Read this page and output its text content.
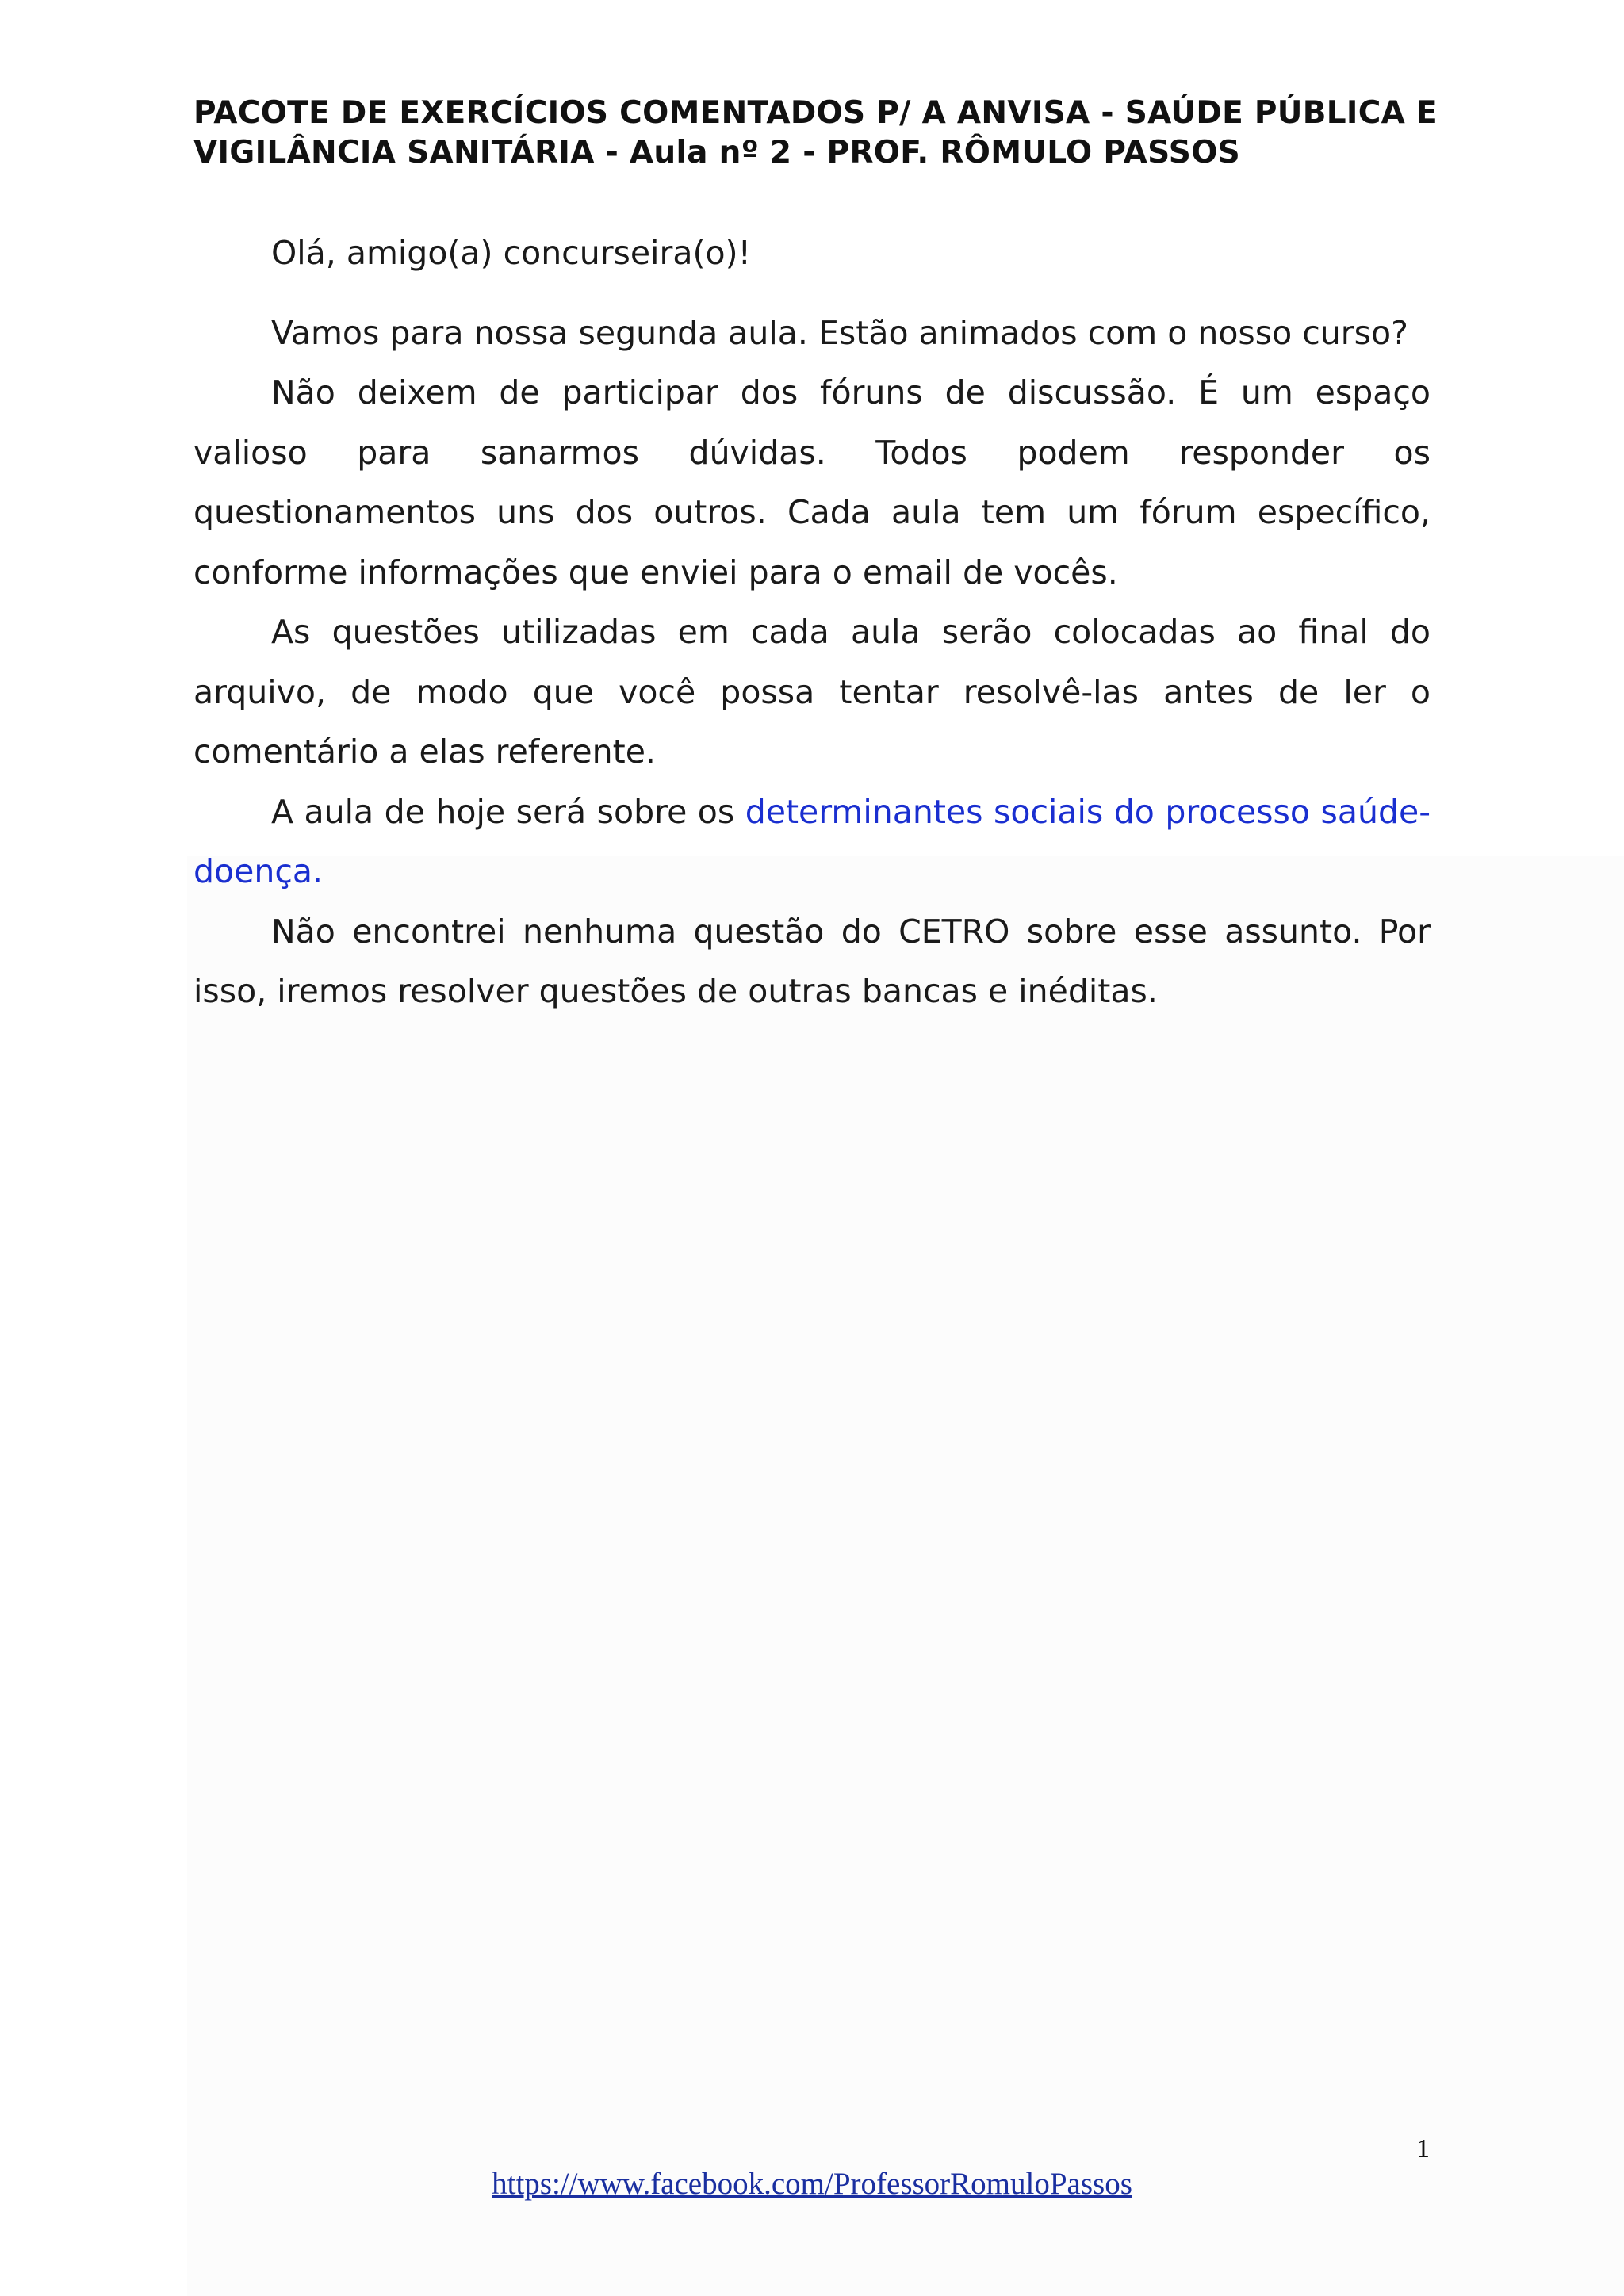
PACOTE DE EXERCÍCIOS COMENTADOS P/ A ANVISA - SAÚDE PÚBLICA E
VIGILÂNCIA SANITÁRIA - Aula nº 2 - PROF. RÔMULO PASSOS

Olá, amigo(a) concurseira(o)!

Vamos para nossa segunda aula. Estão animados com o nosso curso?

Não deixem de participar dos fóruns de discussão. É um espaço valioso para sanarmos dúvidas. Todos podem responder os questionamentos uns dos outros. Cada aula tem um fórum específico, conforme informações que enviei para o email de vocês.

As questões utilizadas em cada aula serão colocadas ao final do arquivo, de modo que você possa tentar resolvê-las antes de ler o comentário a elas referente.

A aula de hoje será sobre os determinantes sociais do processo saúde-doença.

Não encontrei nenhuma questão do CETRO sobre esse assunto. Por isso, iremos resolver questões de outras bancas e inéditas.

1
https://www.facebook.com/ProfessorRomuloPassos
